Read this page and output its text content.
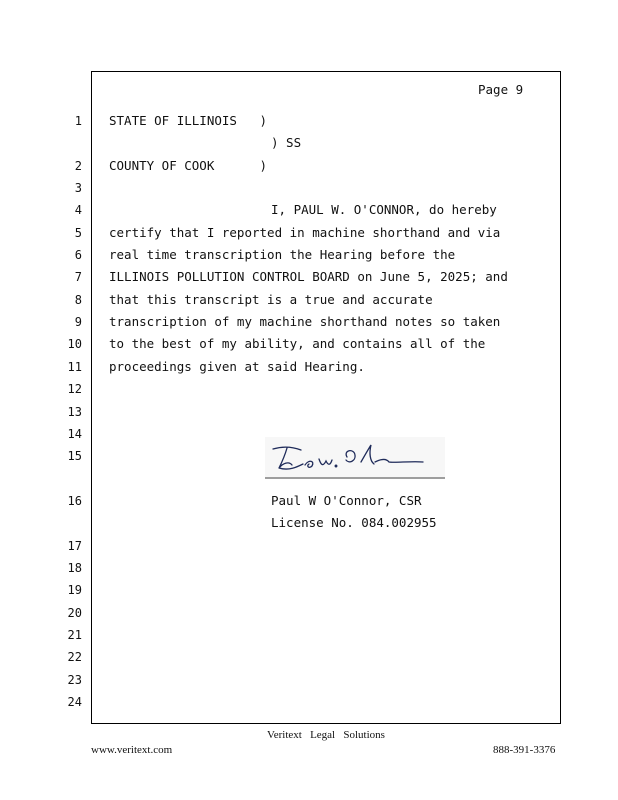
Page 9
1
2
3
4
5
6
7
8
9
10
11
12
13
14
15
16
17
18
19
20
21
22
23
24
STATE OF ILLINOIS   )
) SS
COUNTY OF COOK      )
I, PAUL W. O'CONNOR, do hereby
certify that I reported in machine shorthand and via
real time transcription the Hearing before the
ILLINOIS POLLUTION CONTROL BOARD on June 5, 2025; and
that this transcript is a true and accurate
transcription of my machine shorthand notes so taken
to the best of my ability, and contains all of the
proceedings given at said Hearing.
Paul W O'Connor, CSR
License No. 084.002955
Veritext   Legal   Solutions
www.veritext.com	888-391-3376
